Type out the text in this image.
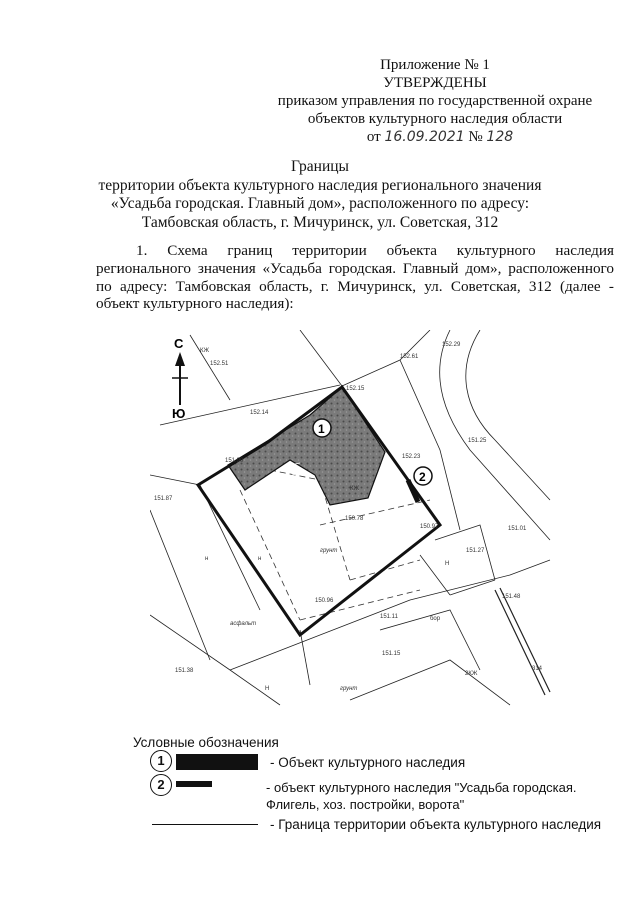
Приложение № 1
УТВЕРЖДЕНЫ
приказом управления по государственной охране
объектов культурного наследия области
от 16.09.2021 № 128
Границы
территории объекта культурного наследия регионального значения
«Усадьба городская. Главный дом», расположенного по адресу:
Тамбовская область, г. Мичуринск, ул. Советская, 312
1. Схема границ территории объекта культурного наследия регионального значения «Усадьба городская. Главный дом», расположенного по адресу: Тамбовская область, г. Мичуринск, ул. Советская, 312 (далее - объект культурного наследия):
С
Ю
1
2
152.51
152.61
152.29
152.15
152.14
151.90
151.87
152.23
151.25
150.78
150.97	151.01
151.27
150.96
151.11
151.48
151.15
151.38
грунт
грунт
асфальт
КЖ
н	н
Н
Н
2КЖ
КЖ
бор
314
Условные обозначения
1	- Объект культурного наследия
2	- объект культурного наследия "Усадьба городская.
Флигель, хоз. постройки, ворота"
- Граница территории объекта культурного наследия
